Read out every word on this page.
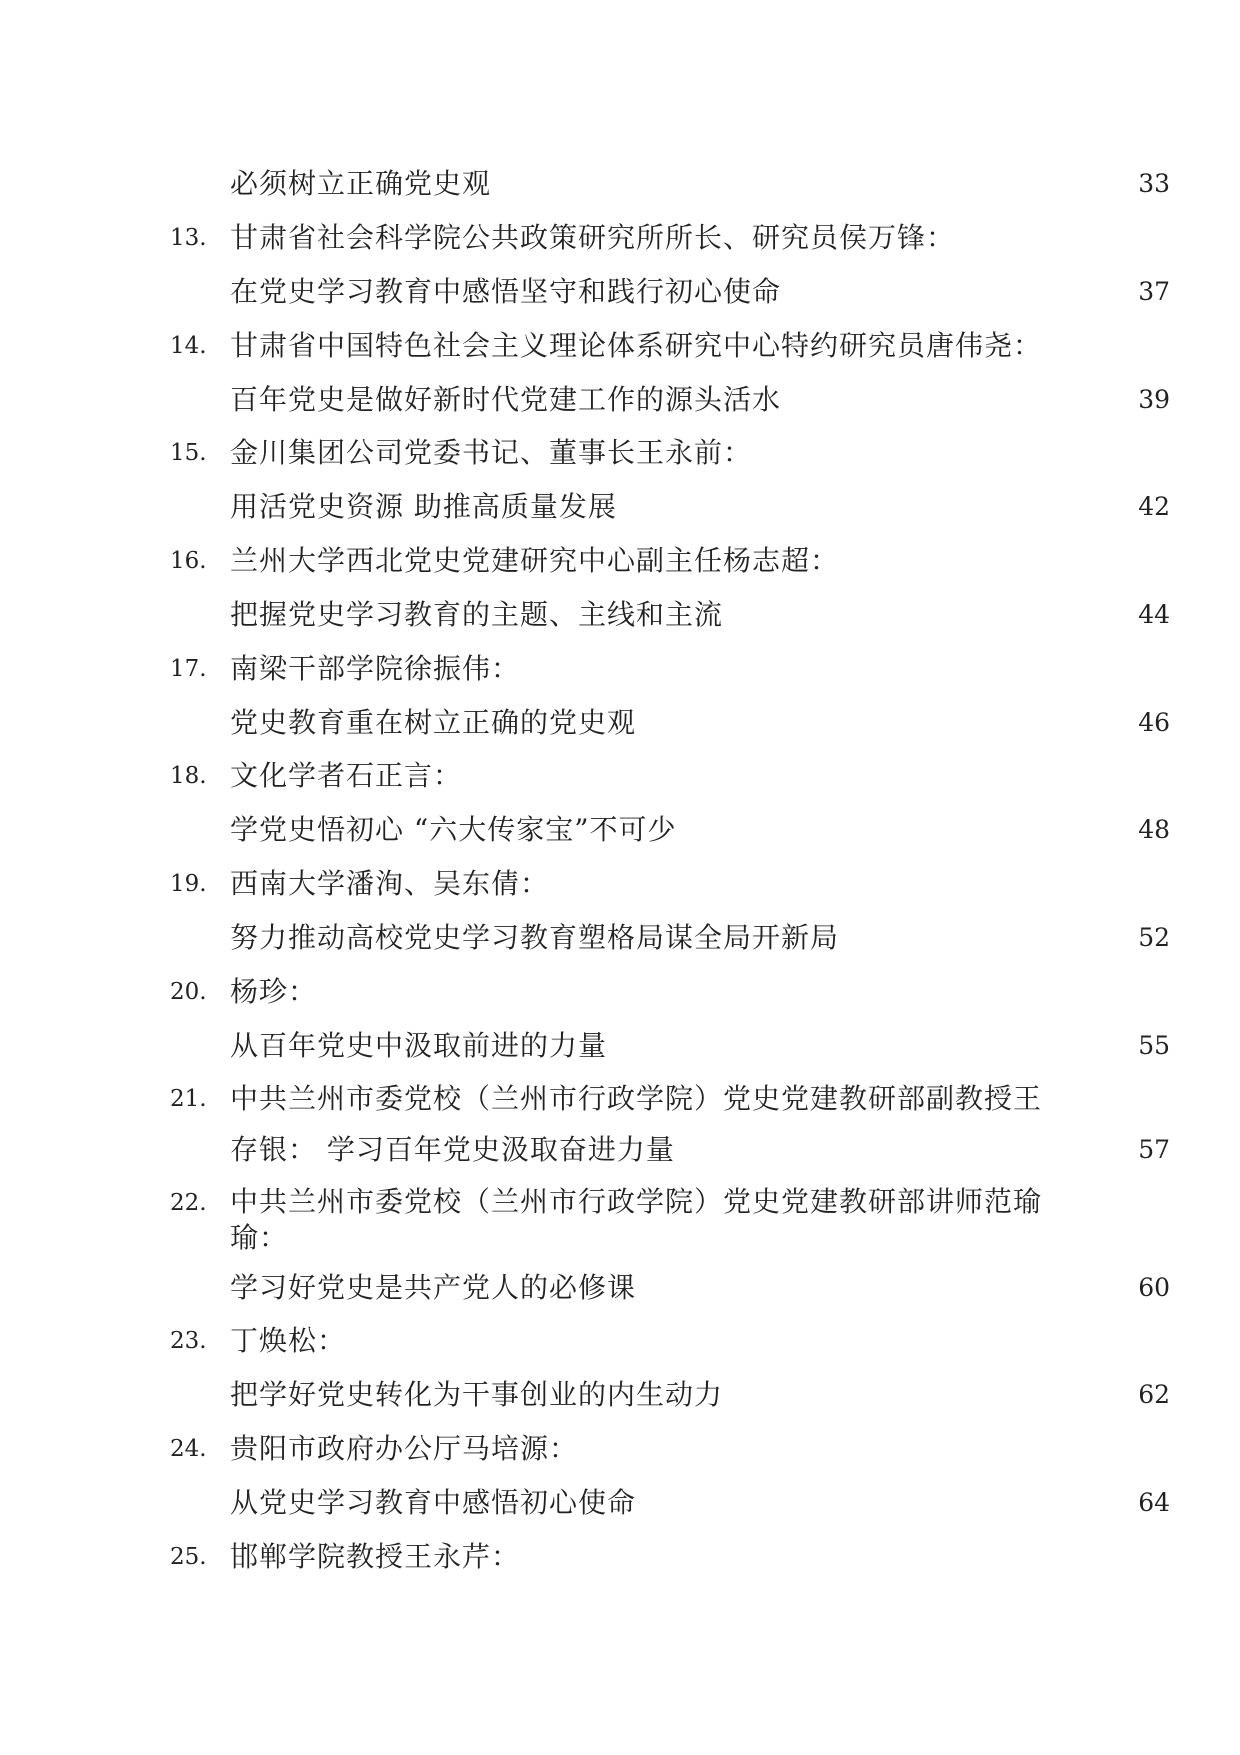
必须树立正确党史观	33
13. 甘肃省社会科学院公共政策研究所所长、研究员侯万锋：
在党史学习教育中感悟坚守和践行初心使命	37
14. 甘肃省中国特色社会主义理论体系研究中心特约研究员唐伟尧：
百年党史是做好新时代党建工作的源头活水	39
15. 金川集团公司党委书记、董事长王永前：
用活党史资源 助推高质量发展	42
16. 兰州大学西北党史党建研究中心副主任杨志超：
把握党史学习教育的主题、主线和主流	44
17. 南梁干部学院徐振伟：
党史教育重在树立正确的党史观	46
18. 文化学者石正言：
学党史悟初心 “六大传家宝”不可少	48
19. 西南大学潘洵、吴东倩：
努力推动高校党史学习教育塑格局谋全局开新局	52
20. 杨珍：
从百年党史中汲取前进的力量	55
21. 中共兰州市委党校（兰州市行政学院）党史党建教研部副教授王
存银： 学习百年党史汲取奋进力量	57
22. 中共兰州市委党校（兰州市行政学院）党史党建教研部讲师范瑜瑜：
学习好党史是共产党人的必修课	60
23. 丁焕松：
把学好党史转化为干事创业的内生动力	62
24. 贵阳市政府办公厅马培源：
从党史学习教育中感悟初心使命	64
25. 邯郸学院教授王永芹：
